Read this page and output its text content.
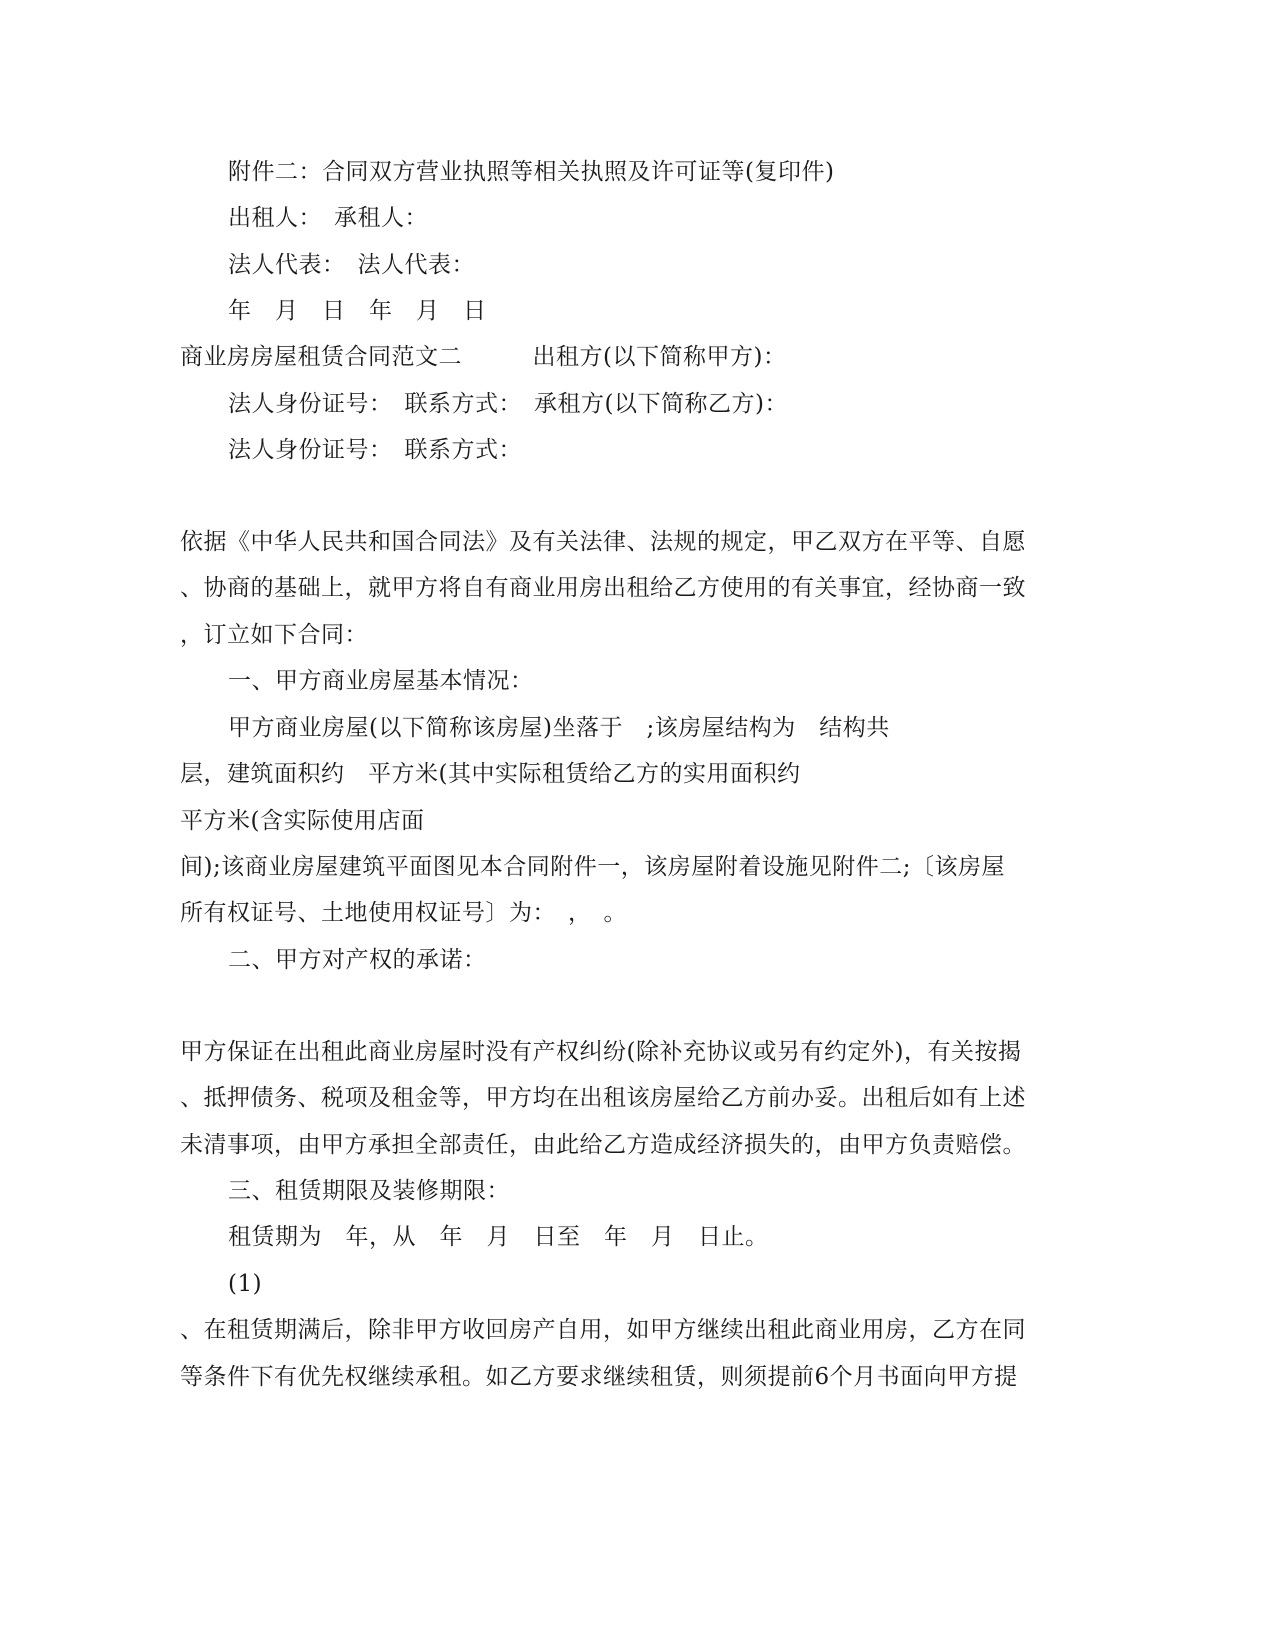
附件二：合同双方营业执照等相关执照及许可证等(复印件)
出租人：　承租人：
法人代表：　法人代表：
年　月　日　年　月　日
商业房房屋租赁合同范文二　　　出租方(以下简称甲方)：
法人身份证号：　联系方式：　承租方(以下简称乙方)：
法人身份证号：　联系方式：
依据《中华人民共和国合同法》及有关法律、法规的规定，甲乙双方在平等、自愿
、协商的基础上，就甲方将自有商业用房出租给乙方使用的有关事宜，经协商一致
，订立如下合同：
一、甲方商业房屋基本情况：
甲方商业房屋(以下简称该房屋)坐落于　;该房屋结构为　结构共
层，建筑面积约　平方米(其中实际租赁给乙方的实用面积约
平方米(含实际使用店面
间);该商业房屋建筑平面图见本合同附件一，该房屋附着设施见附件二;〔该房屋
所有权证号、土地使用权证号〕为：　，　。
二、甲方对产权的承诺：
甲方保证在出租此商业房屋时没有产权纠纷(除补充协议或另有约定外)，有关按揭
、抵押债务、税项及租金等，甲方均在出租该房屋给乙方前办妥。出租后如有上述
未清事项，由甲方承担全部责任，由此给乙方造成经济损失的，由甲方负责赔偿。
三、租赁期限及装修期限：
租赁期为　年，从　年　月　日至　年　月　日止。
(1)
、在租赁期满后，除非甲方收回房产自用，如甲方继续出租此商业用房，乙方在同
等条件下有优先权继续承租。如乙方要求继续租赁，则须提前6个月书面向甲方提
